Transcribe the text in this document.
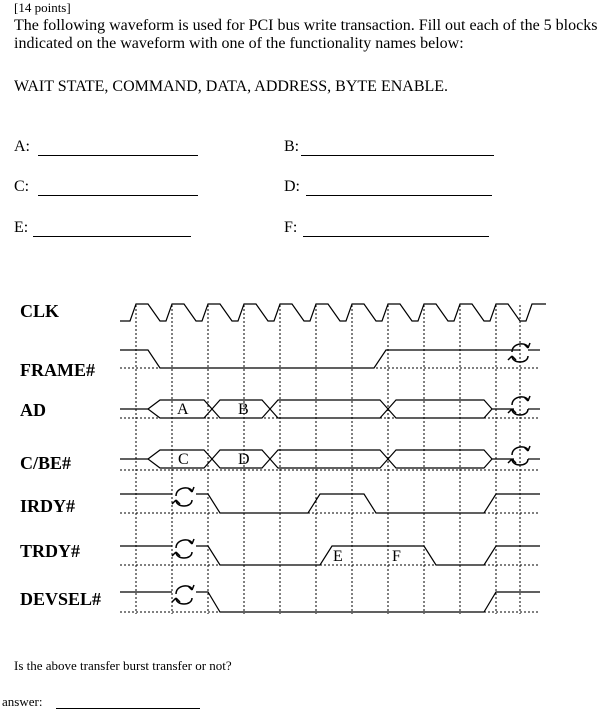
[14 points]
The following waveform is used for PCI bus write transaction. Fill out each of the 5 blocks indicated on the waveform with one of the functionality names below:
WAIT STATE, COMMAND, DATA, ADDRESS, BYTE ENABLE.
A:	B:
C:	D:
E:	F:
CLK
FRAME#
AD
C/BE#
IRDY#
TRDY#
DEVSEL#
A	B
C	D
E	F
Is the above transfer burst transfer or not?
answer:
